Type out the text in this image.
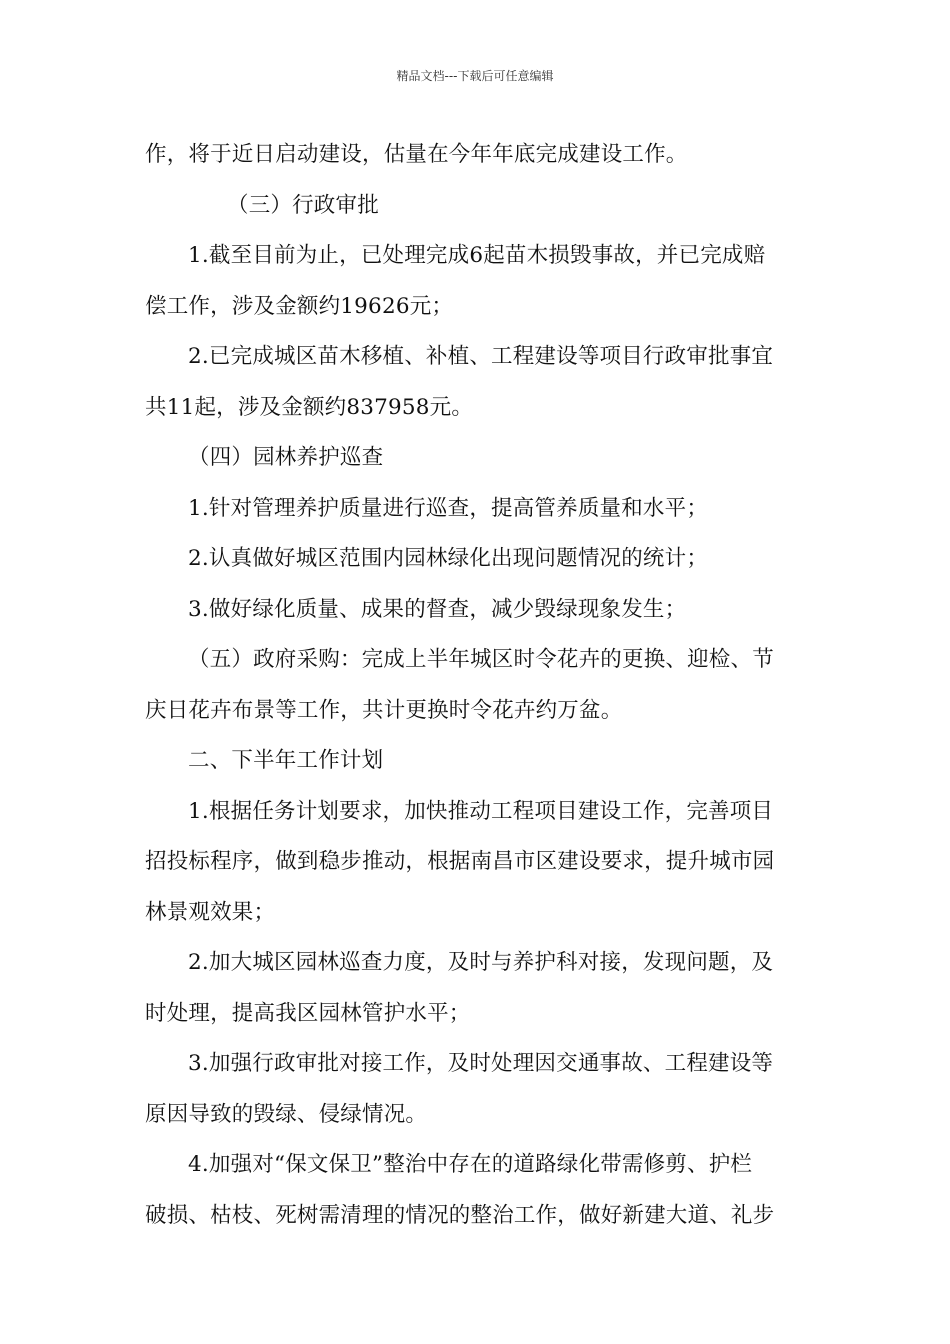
精品文档---下载后可任意编辑
作，将于近日启动建设，估量在今年年底完成建设工作。
（三）行政审批
1.截至目前为止，已处理完成6起苗木损毁事故，并已完成赔
偿工作，涉及金额约19626元；
2.已完成城区苗木移植、补植、工程建设等项目行政审批事宜
共11起，涉及金额约837958元。
（四）园林养护巡查
1.针对管理养护质量进行巡查，提高管养质量和水平；
2.认真做好城区范围内园林绿化出现问题情况的统计；
3.做好绿化质量、成果的督查，减少毁绿现象发生；
（五）政府采购：完成上半年城区时令花卉的更换、迎检、节
庆日花卉布景等工作，共计更换时令花卉约万盆。
二、下半年工作计划
1.根据任务计划要求，加快推动工程项目建设工作，完善项目
招投标程序，做到稳步推动，根据南昌市区建设要求，提升城市园
林景观效果；
2.加大城区园林巡查力度，及时与养护科对接，发现问题，及
时处理，提高我区园林管护水平；
3.加强行政审批对接工作，及时处理因交通事故、工程建设等
原因导致的毁绿、侵绿情况。
4.加强对“保文保卫”整治中存在的道路绿化带需修剪、护栏
破损、枯枝、死树需清理的情况的整治工作，做好新建大道、礼步
